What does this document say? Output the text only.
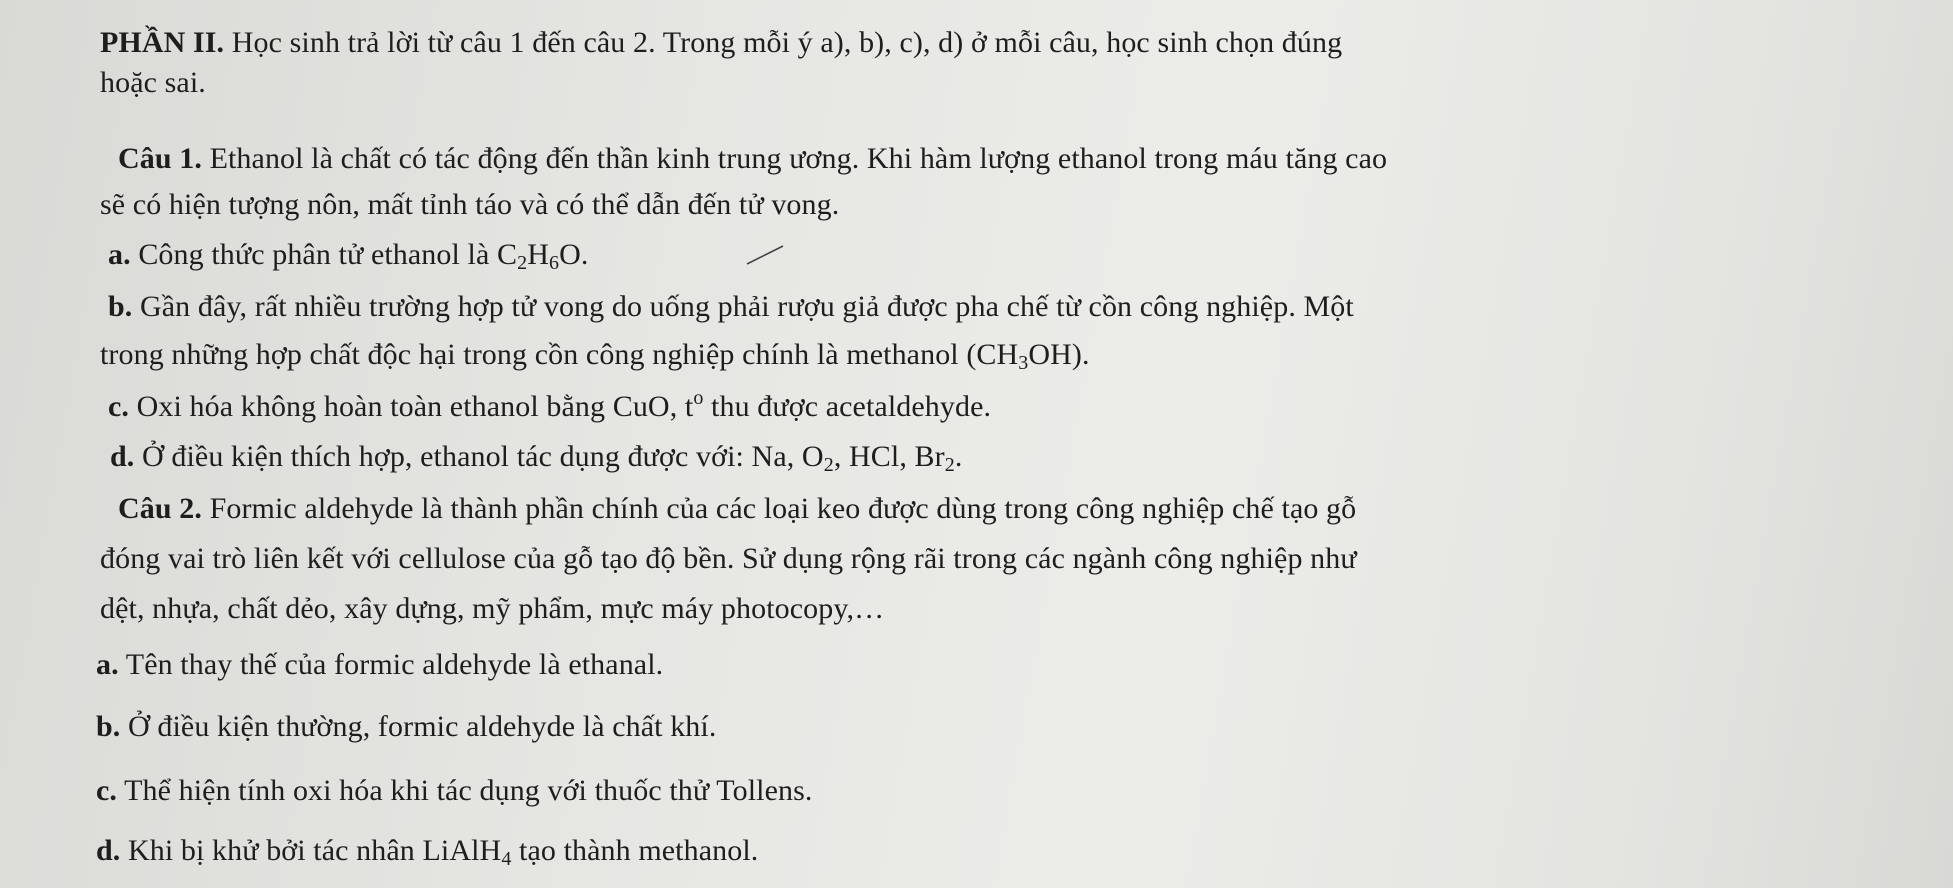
PHẦN II. Học sinh trả lời từ câu 1 đến câu 2. Trong mỗi ý a), b), c), d) ở mỗi câu, học sinh chọn đúng
hoặc sai.
Câu 1. Ethanol là chất có tác động đến thần kinh trung ương. Khi hàm lượng ethanol trong máu tăng cao
sẽ có hiện tượng nôn, mất tỉnh táo và có thể dẫn đến tử vong.
a. Công thức phân tử ethanol là $C_2H_6O$.
b. Gần đây, rất nhiều trường hợp tử vong do uống phải rượu giả được pha chế từ cồn công nghiệp. Một
trong những hợp chất độc hại trong cồn công nghiệp chính là methanol $(CH_3OH)$.
c. Oxi hóa không hoàn toàn ethanol bằng CuO, $t^o$ thu được acetaldehyde.
d. Ở điều kiện thích hợp, ethanol tác dụng được với: Na, $O_2$, HCl, $Br_2$.
Câu 2. Formic aldehyde là thành phần chính của các loại keo được dùng trong công nghiệp chế tạo gỗ
đóng vai trò liên kết với cellulose của gỗ tạo độ bền. Sử dụng rộng rãi trong các ngành công nghiệp như
dệt, nhựa, chất dẻo, xây dựng, mỹ phẩm, mực máy photocopy,…
a. Tên thay thế của formic aldehyde là ethanal.
b. Ở điều kiện thường, formic aldehyde là chất khí.
c. Thể hiện tính oxi hóa khi tác dụng với thuốc thử Tollens.
d. Khi bị khử bởi tác nhân LiAlH$_4$ tạo thành methanol.
